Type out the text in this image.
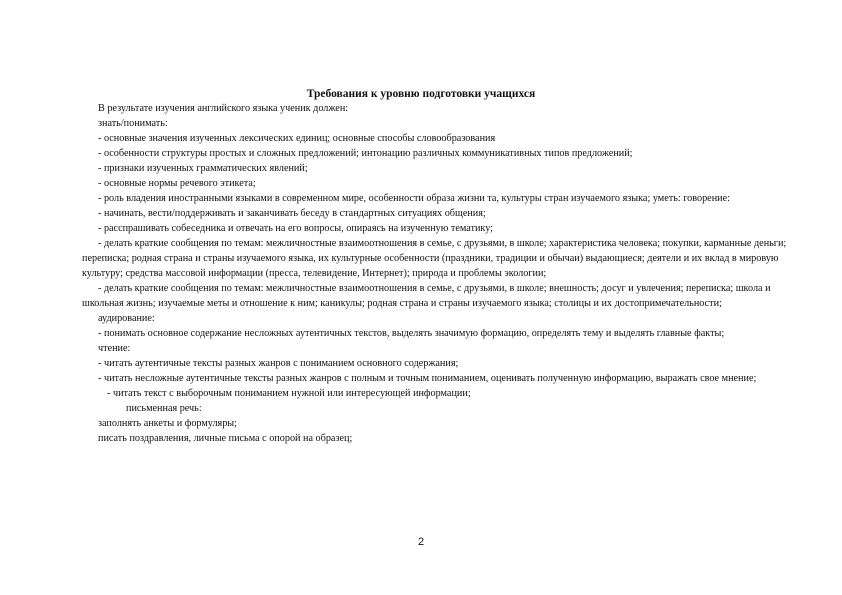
Требования к уровню подготовки учащихся

В результате изучения английского языка ученик должен:

знать/понимать:

- основные значения изученных лексических единиц; основные способы словообразования

- особенности структуры простых и сложных предложений; интонацию различных коммуникативных типов предложений;

- признаки изученных грамматических явлений;

- основные нормы речевого этикета;

- роль владения иностранными языками в современном мире, особенности образа жизни та, культуры стран изучаемого языка; уметь: говорение:

- начинать, вести/поддерживать и заканчивать беседу в стандартных ситуациях общения;

- расспрашивать собеседника и отвечать на его вопросы, опираясь на изученную тематику;

- делать краткие сообщения по темам: межличностные взаимоотношения в семье, с друзьями, в школе; характеристика человека; покупки, карманные деньги; переписка; родная страна и страны изучаемого языка, их культурные особенности (праздники, традиции и обычаи) выдающиеся; деятели и их вклад в мировую культуру; средства массовой информации (пресса, телевидение, Интернет); природа и проблемы экологии;

- делать краткие сообщения по темам: межличностные взаимоотношения в семье, с друзьями, в школе; внешность; досуг и увлечения; переписка; школа и школьная жизнь; изучаемые меты и отношение к ним; каникулы; родная страна и страны изучаемого языка; столицы и их достопримечательности;

аудирование:

- понимать основное содержание несложных аутентичных текстов, выделять значимую формацию, определять тему и выделять главные факты;

чтение:

- читать аутентичные тексты разных жанров с пониманием основного содержания;

- читать несложные аутентичные тексты разных жанров с полным и точным пониманием, оценивать полученную информацию, выражать свое мнение;

- читать текст с выборочным пониманием нужной или интересующей информации;

письменная речь:

заполнять анкеты и формуляры;

писать поздравления, личные письма с опорой на образец;

2
